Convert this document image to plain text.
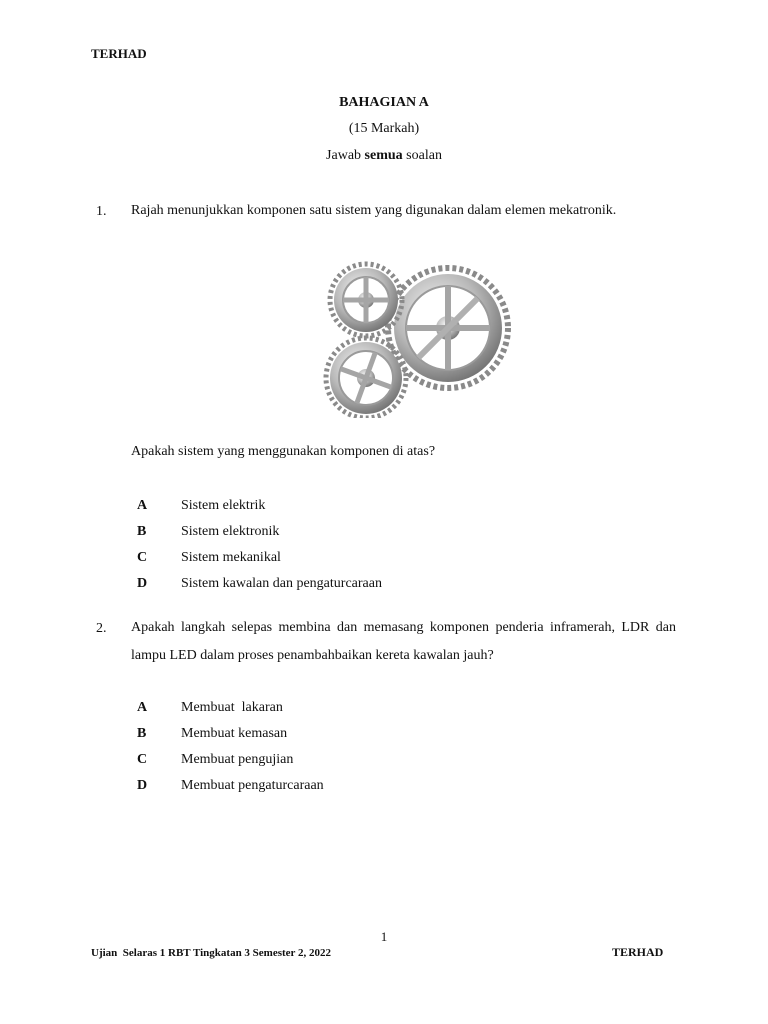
TERHAD
BAHAGIAN A
(15 Markah)
Jawab semua soalan
1. Rajah menunjukkan komponen satu sistem yang digunakan dalam elemen mekatronik.
Apakah sistem yang menggunakan komponen di atas?
A Sistem elektrik
B Sistem elektronik
C Sistem mekanikal
D Sistem kawalan dan pengaturcaraan
2. Apakah langkah selepas membina dan memasang komponen penderia inframerah, LDR dan lampu LED dalam proses penambahbaikan kereta kawalan jauh?
A Membuat  lakaran
B Membuat kemasan
C Membuat pengujian
D Membuat pengaturcaraan
1
Ujian  Selaras 1 RBT Tingkatan 3 Semester 2, 2022	TERHAD
